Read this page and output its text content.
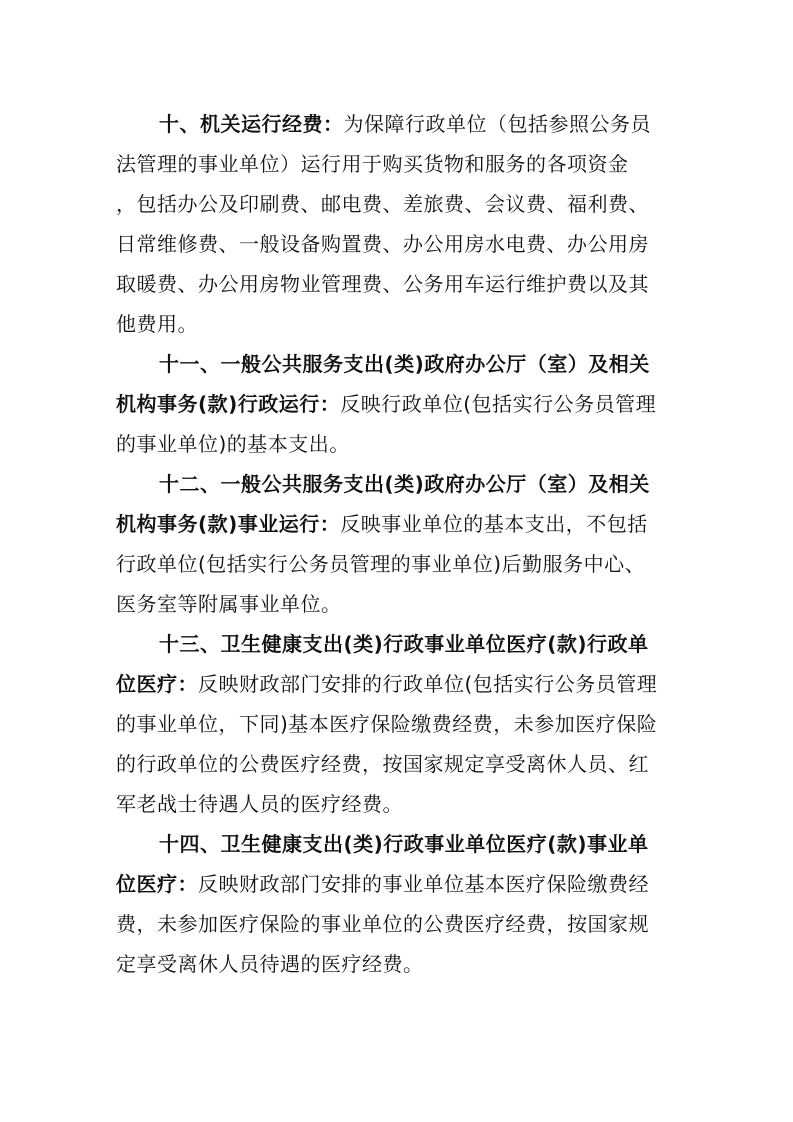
十、机关运行经费：为保障行政单位（包括参照公务员
法管理的事业单位）运行用于购买货物和服务的各项资金
，包括办公及印刷费、邮电费、差旅费、会议费、福利费、
日常维修费、一般设备购置费、办公用房水电费、办公用房
取暖费、办公用房物业管理费、公务用车运行维护费以及其
他费用。

十一、一般公共服务支出(类)政府办公厅（室）及相关
机构事务(款)行政运行：反映行政单位(包括实行公务员管理
的事业单位)的基本支出。

十二、一般公共服务支出(类)政府办公厅（室）及相关
机构事务(款)事业运行：反映事业单位的基本支出，不包括
行政单位(包括实行公务员管理的事业单位)后勤服务中心、
医务室等附属事业单位。

十三、卫生健康支出(类)行政事业单位医疗(款)行政单
位医疗：反映财政部门安排的行政单位(包括实行公务员管理
的事业单位，下同)基本医疗保险缴费经费，未参加医疗保险
的行政单位的公费医疗经费，按国家规定享受离休人员、红
军老战士待遇人员的医疗经费。

十四、卫生健康支出(类)行政事业单位医疗(款)事业单
位医疗：反映财政部门安排的事业单位基本医疗保险缴费经
费，未参加医疗保险的事业单位的公费医疗经费，按国家规
定享受离休人员待遇的医疗经费。
